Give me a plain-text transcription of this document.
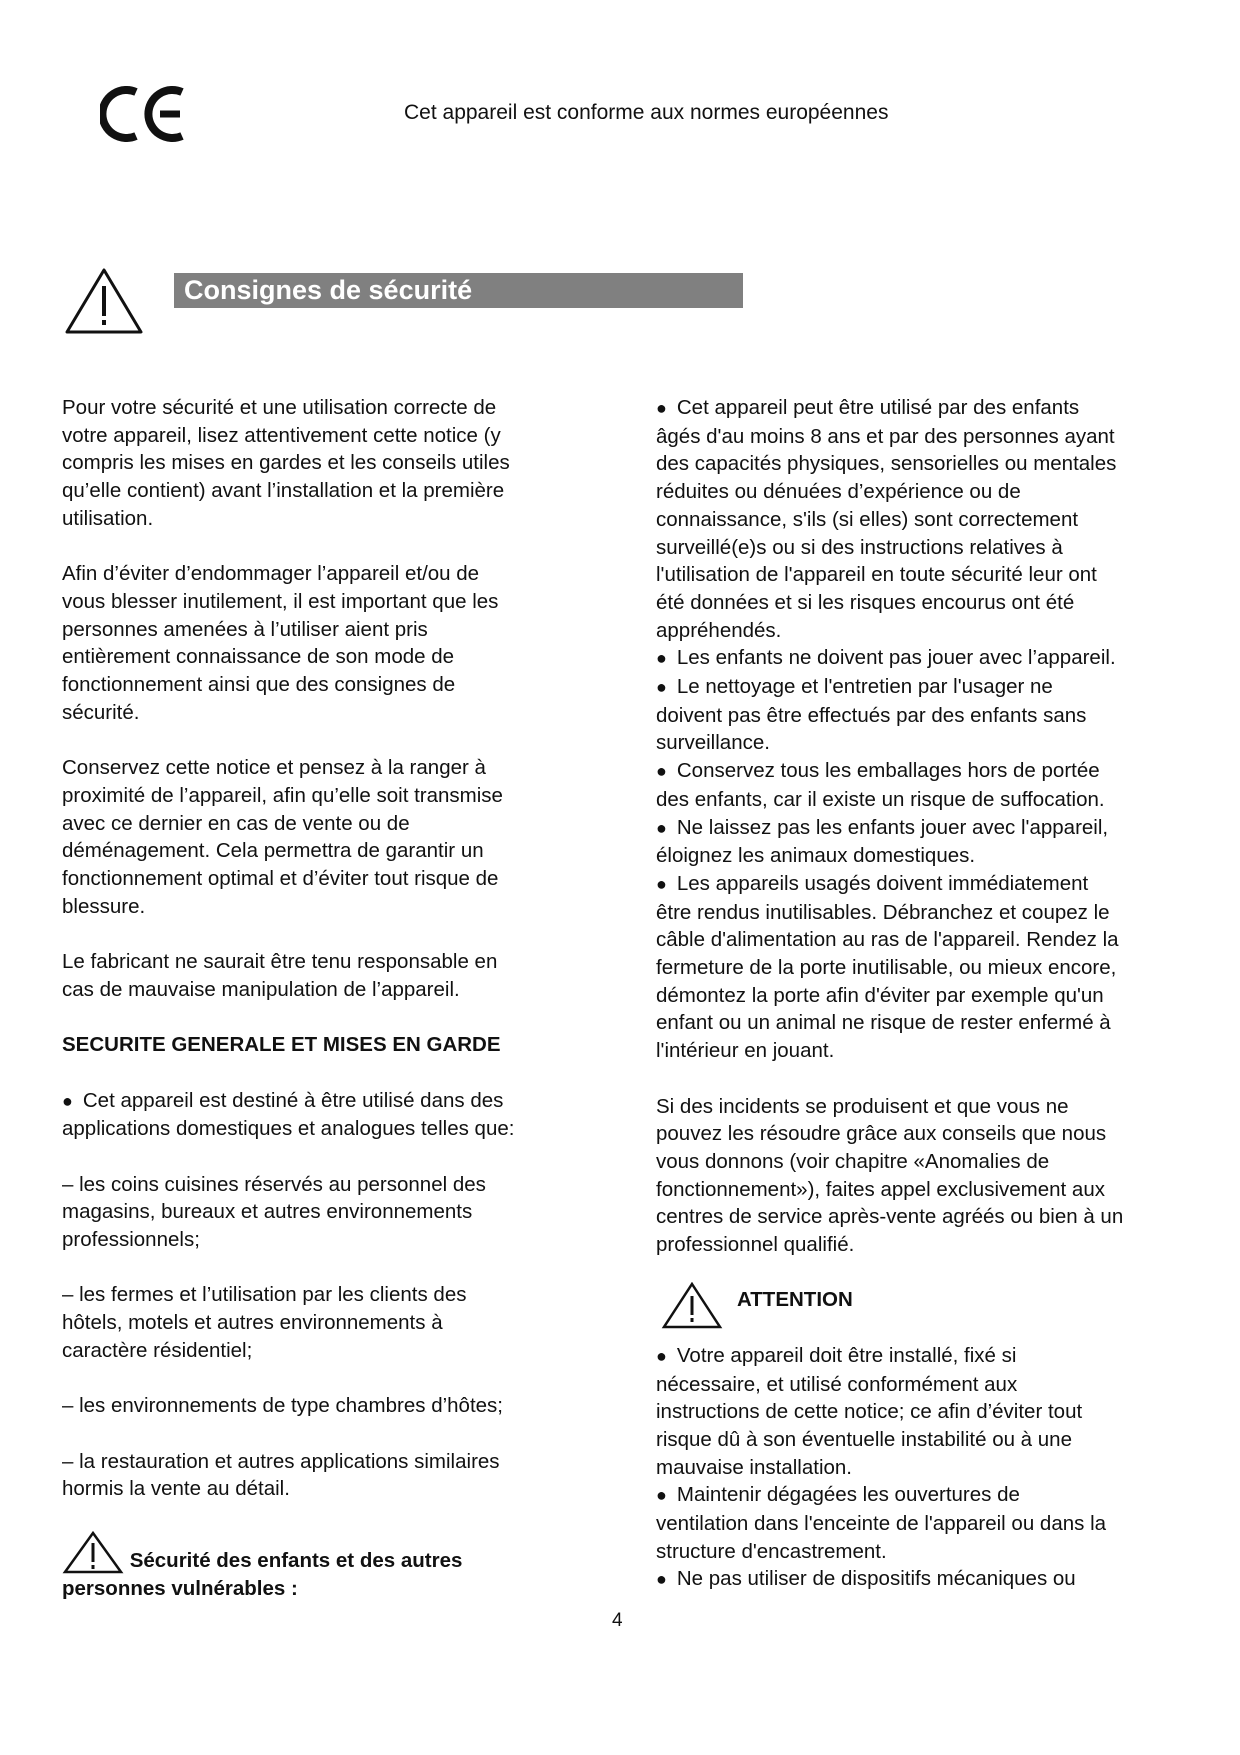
Cet appareil est conforme aux normes européennes
Consignes de sécurité
Pour votre sécurité et une utilisation correcte de
votre appareil, lisez attentivement cette notice (y
compris les mises en gardes et les conseils utiles
qu’elle contient) avant l’installation et la première
utilisation.
Afin d’éviter d’endommager l’appareil et/ou de
vous blesser inutilement, il est important que les
personnes amenées à l’utiliser aient pris
entièrement connaissance de son mode de
fonctionnement ainsi que des consignes de
sécurité.
Conservez cette notice et pensez à la ranger à
proximité de l’appareil, afin qu’elle soit transmise
avec ce dernier en cas de vente ou de
déménagement. Cela permettra de garantir un
fonctionnement optimal et d’éviter tout risque de
blessure.
Le fabricant ne saurait être tenu responsable en
cas de mauvaise manipulation de l’appareil.
SECURITE GENERALE ET MISES EN GARDE
●  Cet appareil est destiné à être utilisé dans des
applications domestiques et analogues telles que:
– les coins cuisines réservés au personnel des
magasins, bureaux et autres environnements
professionnels;
– les fermes et l’utilisation par les clients des
hôtels, motels et autres environnements à
caractère résidentiel;
– les environnements de type chambres d’hôtes;
– la restauration et autres applications similaires
hormis la vente au détail.
Sécurité des enfants et des autres
personnes vulnérables :
●  Cet appareil peut être utilisé par des enfants
âgés d'au moins 8 ans et par des personnes ayant
des capacités physiques, sensorielles ou mentales
réduites ou dénuées d’expérience ou de
connaissance, s'ils (si elles) sont correctement
surveillé(e)s ou si des instructions relatives à
l'utilisation de l'appareil en toute sécurité leur ont
été données et si les risques encourus ont été
appréhendés.
●  Les enfants ne doivent pas jouer avec l’appareil.
●  Le nettoyage et l'entretien par l'usager ne
doivent pas être effectués par des enfants sans
surveillance.
●  Conservez tous les emballages hors de portée
des enfants, car il existe un risque de suffocation.
●  Ne laissez pas les enfants jouer avec l'appareil,
éloignez les animaux domestiques.
●  Les appareils usagés doivent immédiatement
être rendus inutilisables. Débranchez et coupez le
câble d'alimentation au ras de l'appareil. Rendez la
fermeture de la porte inutilisable, ou mieux encore,
démontez la porte afin d'éviter par exemple qu'un
enfant ou un animal ne risque de rester enfermé à
l'intérieur en jouant.
Si des incidents se produisent et que vous ne
pouvez les résoudre grâce aux conseils que nous
vous donnons (voir chapitre «Anomalies de
fonctionnement»), faites appel exclusivement aux
centres de service après-vente agréés ou bien à un
professionnel qualifié.
ATTENTION
●  Votre appareil doit être installé, fixé si
nécessaire, et utilisé conformément aux
instructions de cette notice; ce afin d’éviter tout
risque dû à son éventuelle instabilité ou à une
mauvaise installation.
●  Maintenir dégagées les ouvertures de
ventilation dans l'enceinte de l'appareil ou dans la
structure d'encastrement.
●  Ne pas utiliser de dispositifs mécaniques ou
4
